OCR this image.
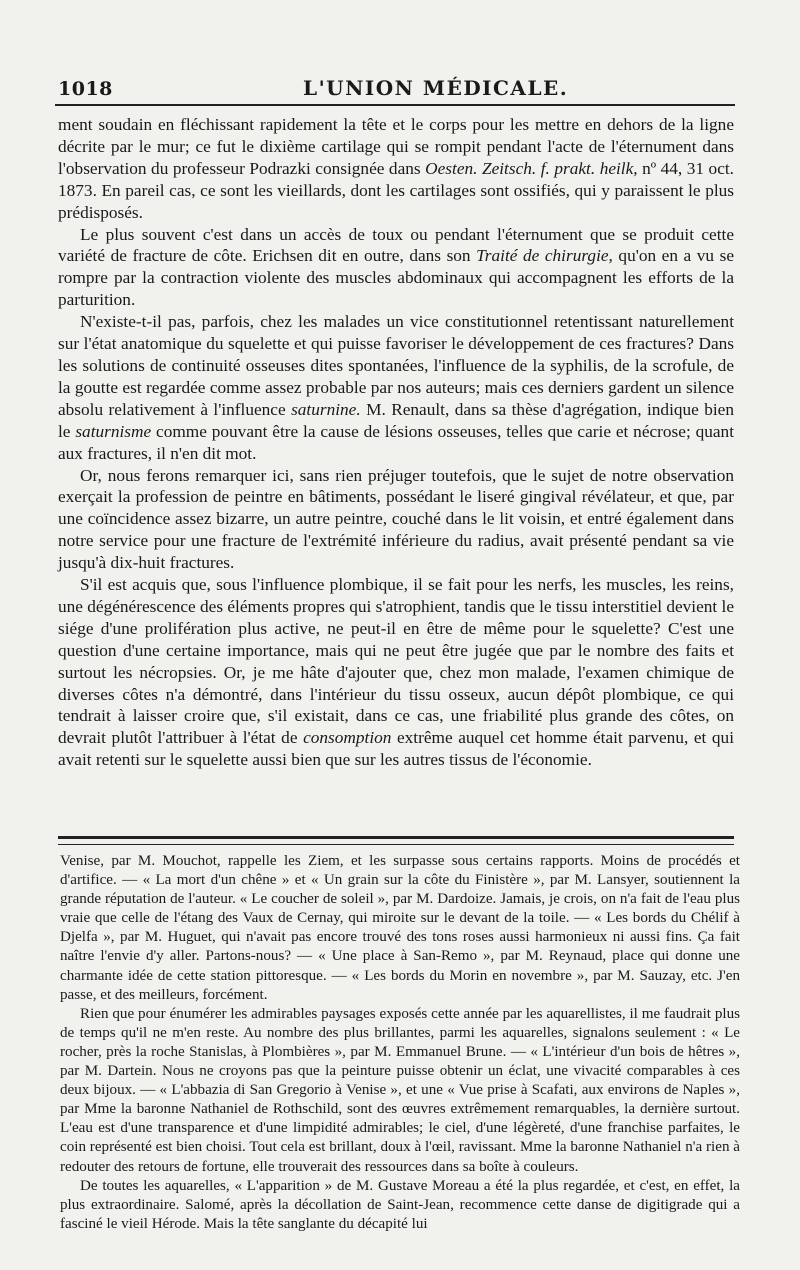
1018	L'UNION MÉDICALE.

ment soudain en fléchissant rapidement la tête et le corps pour les mettre en dehors de la ligne décrite par le mur; ce fut le dixième cartilage qui se rompit pendant l'acte de l'éternument dans l'observation du professeur Podrazki consignée dans Oesten. Zeitsch. f. prakt. heilk, nº 44, 31 oct. 1873. En pareil cas, ce sont les vieillards, dont les cartilages sont ossifiés, qui y paraissent le plus prédisposés.

Le plus souvent c'est dans un accès de toux ou pendant l'éternument que se produit cette variété de fracture de côte. Erichsen dit en outre, dans son Traité de chirurgie, qu'on en a vu se rompre par la contraction violente des muscles abdominaux qui accompagnent les efforts de la parturition.

N'existe-t-il pas, parfois, chez les malades un vice constitutionnel retentissant naturellement sur l'état anatomique du squelette et qui puisse favoriser le développement de ces fractures? Dans les solutions de continuité osseuses dites spontanées, l'influence de la syphilis, de la scrofule, de la goutte est regardée comme assez probable par nos auteurs; mais ces derniers gardent un silence absolu relativement à l'influence saturnine. M. Renault, dans sa thèse d'agrégation, indique bien le saturnisme comme pouvant être la cause de lésions osseuses, telles que carie et nécrose; quant aux fractures, il n'en dit mot.

Or, nous ferons remarquer ici, sans rien préjuger toutefois, que le sujet de notre observation exerçait la profession de peintre en bâtiments, possédant le liseré gingival révélateur, et que, par une coïncidence assez bizarre, un autre peintre, couché dans le lit voisin, et entré également dans notre service pour une fracture de l'extrémité inférieure du radius, avait présenté pendant sa vie jusqu'à dix-huit fractures.

S'il est acquis que, sous l'influence plombique, il se fait pour les nerfs, les muscles, les reins, une dégénérescence des éléments propres qui s'atrophient, tandis que le tissu interstitiel devient le siége d'une prolifération plus active, ne peut-il en être de même pour le squelette? C'est une question d'une certaine importance, mais qui ne peut être jugée que par le nombre des faits et surtout les nécropsies. Or, je me hâte d'ajouter que, chez mon malade, l'examen chimique de diverses côtes n'a démontré, dans l'intérieur du tissu osseux, aucun dépôt plombique, ce qui tendrait à laisser croire que, s'il existait, dans ce cas, une friabilité plus grande des côtes, on devrait plutôt l'attribuer à l'état de consomption extrême auquel cet homme était parvenu, et qui avait retenti sur le squelette aussi bien que sur les autres tissus de l'économie.

Venise, par M. Mouchot, rappelle les Ziem, et les surpasse sous certains rapports. Moins de procédés et d'artifice. — « La mort d'un chêne » et « Un grain sur la côte du Finistère », par M. Lansyer, soutiennent la grande réputation de l'auteur. « Le coucher de soleil », par M. Dardoize. Jamais, je crois, on n'a fait de l'eau plus vraie que celle de l'étang des Vaux de Cernay, qui miroite sur le devant de la toile. — « Les bords du Chélif à Djelfa », par M. Huguet, qui n'avait pas encore trouvé des tons roses aussi harmonieux ni aussi fins. Ça fait naître l'envie d'y aller. Partons-nous? — « Une place à San-Remo », par M. Reynaud, place qui donne une charmante idée de cette station pittoresque. — « Les bords du Morin en novembre », par M. Sauzay, etc. J'en passe, et des meilleurs, forcément.

Rien que pour énumérer les admirables paysages exposés cette année par les aquarellistes, il me faudrait plus de temps qu'il ne m'en reste. Au nombre des plus brillantes, parmi les aquarelles, signalons seulement : « Le rocher, près la roche Stanislas, à Plombières », par M. Emmanuel Brune. — « L'intérieur d'un bois de hêtres », par M. Dartein. Nous ne croyons pas que la peinture puisse obtenir un éclat, une vivacité comparables à ces deux bijoux. — « L'abbazia di San Gregorio à Venise », et une « Vue prise à Scafati, aux environs de Naples », par Mme la baronne Nathaniel de Rothschild, sont des œuvres extrêmement remarquables, la dernière surtout. L'eau est d'une transparence et d'une limpidité admirables; le ciel, d'une légèreté, d'une franchise parfaites, le coin représenté est bien choisi. Tout cela est brillant, doux à l'œil, ravissant. Mme la baronne Nathaniel n'a rien à redouter des retours de fortune, elle trouverait des ressources dans sa boîte à couleurs.

De toutes les aquarelles, « L'apparition » de M. Gustave Moreau a été la plus regardée, et c'est, en effet, la plus extraordinaire. Salomé, après la décollation de Saint-Jean, recommence cette danse de digitigrade qui a fasciné le vieil Hérode. Mais la tête sanglante du décapité lui
